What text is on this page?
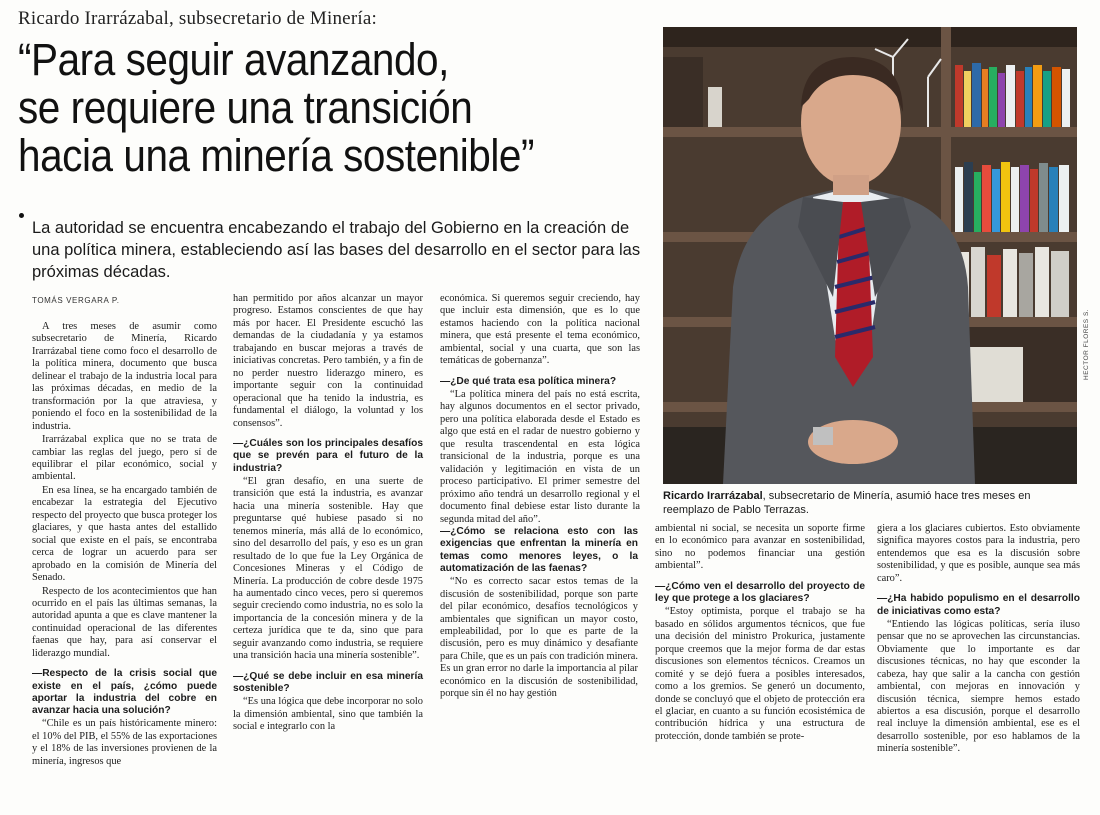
Ricardo Irarrázabal, subsecretario de Minería:
“Para seguir avanzando,
se requiere una transición
hacia una minería sostenible”
La autoridad se encuentra encabezando el trabajo del Gobierno en la creación de una política minera, estableciendo así las bases del desarrollo en el sector para las próximas décadas.
TOMÁS VERGARA P.

A tres meses de asumir como subsecretario de Minería, Ricardo Irarrázabal tiene como foco el desarrollo de la política minera, documento que busca delinear el trabajo de la industria local para las próximas décadas, en medio de la transformación por la que atraviesa, y poniendo el foco en la sostenibilidad de la industria.

Irarrázabal explica que no se trata de cambiar las reglas del juego, pero sí de equilibrar el pilar económico, social y ambiental.

En esa línea, se ha encargado también de encabezar la estrategia del Ejecutivo respecto del proyecto que busca proteger los glaciares, y que hasta antes del estallido social que existe en el país, se encontraba cerca de lograr un acuerdo para ser aprobado en la comisión de Minería del Senado.

Respecto de los acontecimientos que han ocurrido en el país las últimas semanas, la autoridad apunta a que es clave mantener la continuidad operacional de las diferentes faenas que hay, para así conservar el liderazgo mundial.

—Respecto de la crisis social que existe en el país, ¿cómo puede aportar la industria del cobre en avanzar hacia una solución?

“Chile es un país históricamente minero: el 10% del PIB, el 55% de las exportaciones y el 18% de las inversiones provienen de la minería, ingresos que

han permitido por años alcanzar un mayor progreso. Estamos conscientes de que hay más por hacer. El Presidente escuchó las demandas de la ciudadanía y ya estamos trabajando en buscar mejoras a través de iniciativas concretas. Pero también, y a fin de no perder nuestro liderazgo minero, es importante seguir con la continuidad operacional que ha tenido la industria, es fundamental el diálogo, la voluntad y los consensos”.

—¿Cuáles son los principales desafíos que se prevén para el futuro de la industria?

“El gran desafío, en una suerte de transición que está la industria, es avanzar hacia una minería sostenible. Hay que preguntarse qué hubiese pasado si no tenemos minería, más allá de lo económico, sino del desarrollo del país, y eso es un gran resultado de lo que fue la Ley Orgánica de Concesiones Mineras y el Código de Minería. La producción de cobre desde 1975 ha aumentado cinco veces, pero si queremos seguir creciendo como industria, no es solo la importancia de la concesión minera y de la certeza jurídica que te da, sino que para seguir avanzando como industria, se requiere una transición hacia una minería sostenible”.

—¿Qué se debe incluir en esa minería sostenible?

“Es una lógica que debe incorporar no solo la dimensión ambiental, sino que también la social e integrarlo con la

económica. Si queremos seguir creciendo, hay que incluir esta dimensión, que es lo que estamos haciendo con la política nacional minera, que está presente el tema económico, ambiental, social y una cuarta, que son las temáticas de gobernanza”.

—¿De qué trata esa política minera?

“La política minera del país no está escrita, hay algunos documentos en el sector privado, pero una política elaborada desde el Estado es algo que está en el radar de nuestro gobierno y que resulta trascendental en esta lógica transicional de la industria, porque es una validación y legitimación en vista de un proceso participativo. El primer semestre del próximo año tendrá un desarrollo regional y el documento final debiese estar listo durante la segunda mitad del año”.

—¿Cómo se relaciona esto con las exigencias que enfrentan la minería en temas como menores leyes, o la automatización de las faenas?

“No es correcto sacar estos temas de la discusión de sostenibilidad, porque son parte del pilar económico, desafíos tecnológicos y ambientales que significan un mayor costo, empleabilidad, por lo que es parte de la discusión, pero es muy dinámico y desafiante para Chile, que es un país con tradición minera. Es un gran error no darle la importancia al pilar económico en la discusión de sostenibilidad, porque sin él no hay gestión

ambiental ni social, se necesita un soporte firme en lo económico para avanzar en sostenibilidad, sino no podemos financiar una gestión ambiental”.

—¿Cómo ven el desarrollo del proyecto de ley que protege a los glaciares?

“Estoy optimista, porque el trabajo se ha basado en sólidos argumentos técnicos, que fue una decisión del ministro Prokurica, justamente porque creemos que la mejor forma de dar estas discusiones son elementos técnicos. Creamos un comité y se dejó fuera a posibles interesados, como a los gremios. Se generó un documento, donde se concluyó que el objeto de protección era el glaciar, en cuanto a su función ecosistémica de contribución hídrica y una estructura de protección, donde también se prote-

giera a los glaciares cubiertos. Esto obviamente significa mayores costos para la industria, pero entendemos que esa es la discusión sobre sostenibilidad, y que es posible, aunque sea más caro”.

—¿Ha habido populismo en el desarrollo de iniciativas como esta?

“Entiendo las lógicas políticas, sería iluso pensar que no se aprovechen las circunstancias. Obviamente que lo importante es dar discusiones técnicas, no hay que esconder la cabeza, hay que salir a la cancha con gestión ambiental, con mejoras en innovación y discusión técnica, siempre hemos estado abiertos a esa discusión, porque el desarrollo real incluye la dimensión ambiental, ese es el desarrollo sostenible, por eso hablamos de la minería sostenible”.

HECTOR FLORES S.
Ricardo Irarrázabal, subsecretario de Minería, asumió hace tres meses en reemplazo de Pablo Terrazas.
